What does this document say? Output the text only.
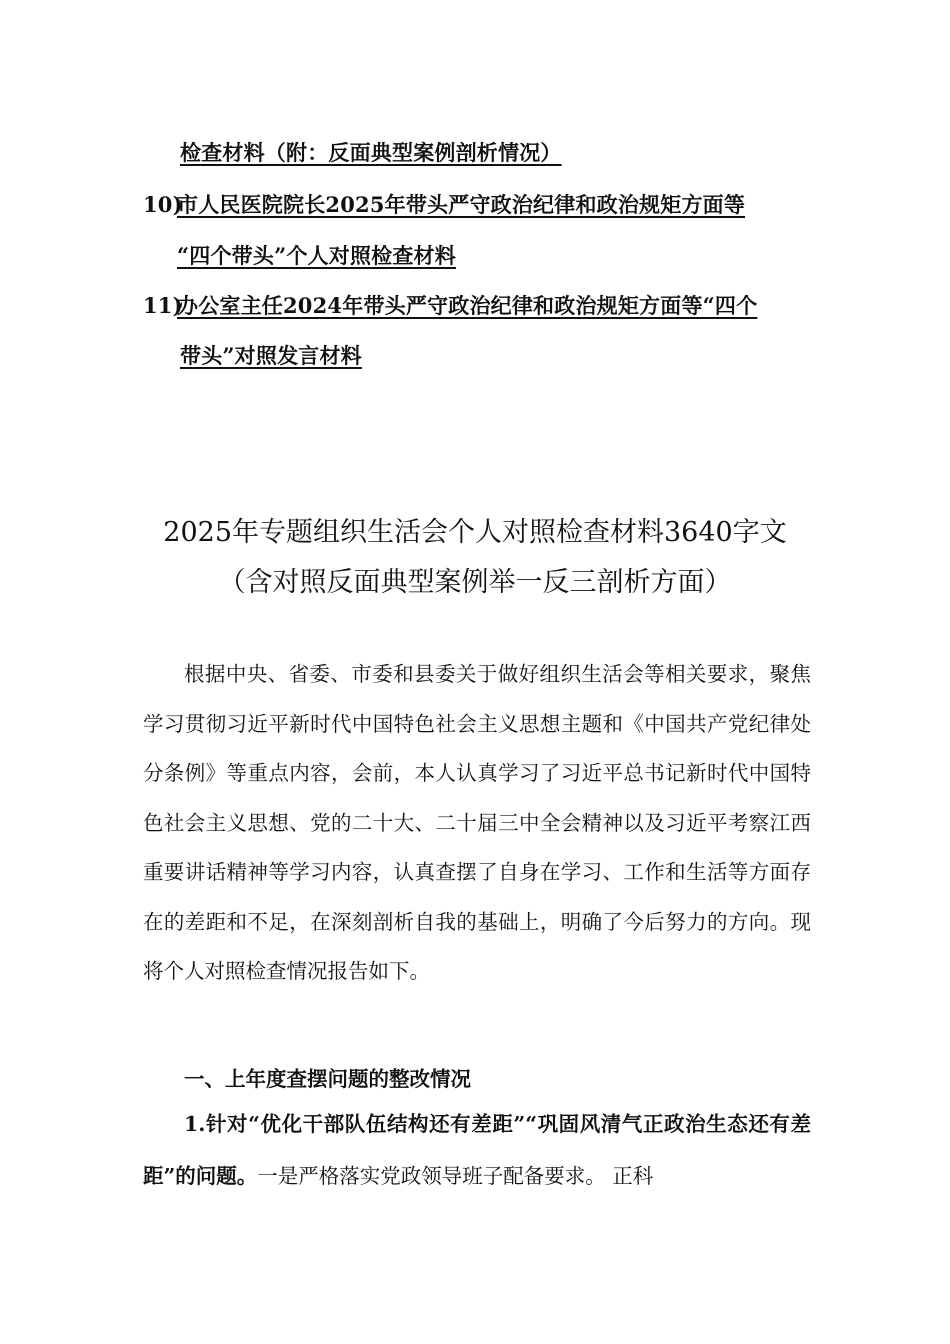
检查材料（附：反面典型案例剖析情况）
10)市人民医院院长2025年带头严守政治纪律和政治规矩方面等
“四个带头”个人对照检查材料
11)办公室主任2024年带头严守政治纪律和政治规矩方面等“四个
带头”对照发言材料
2025年专题组织生活会个人对照检查材料3640字文
（含对照反面典型案例举一反三剖析方面）

根据中央、省委、市委和县委关于做好组织生活会等相关要求，聚焦学习贯彻习近平新时代中国特色社会主义思想主题和《中国共产党纪律处分条例》等重点内容，会前，本人认真学习了习近平总书记新时代中国特色社会主义思想、党的二十大、二十届三中全会精神以及习近平考察江西重要讲话精神等学习内容，认真查摆了自身在学习、工作和生活等方面存在的差距和不足，在深刻剖析自我的基础上，明确了今后努力的方向。现将个人对照检查情况报告如下。

一、上年度查摆问题的整改情况

1.针对“优化干部队伍结构还有差距”“巩固风清气正政治生态还有差距”的问题。一是严格落实党政领导班子配备要求。 正科
